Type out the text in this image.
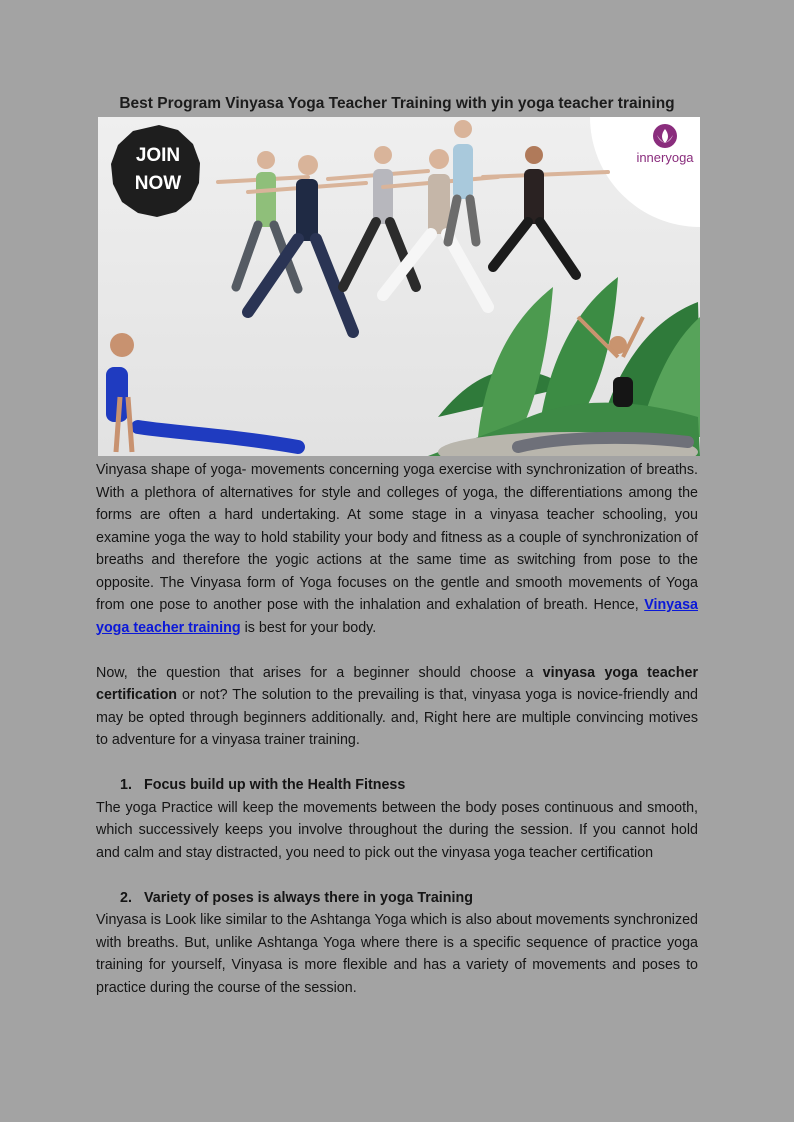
Best Program Vinyasa Yoga Teacher Training with yin yoga teacher training
inneryoga
JOIN
NOW

Vinyasa shape of yoga- movements concerning yoga exercise with synchronization of breaths. With a plethora of alternatives for style and colleges of yoga, the differentiations among the forms are often a hard undertaking. At some stage in a vinyasa teacher schooling, you examine yoga the way to hold stability your body and fitness as a couple of synchronization of breaths and therefore the yogic actions at the same time as switching from pose to the opposite. The Vinyasa form of Yoga focuses on the gentle and smooth movements of Yoga from one pose to another pose with the inhalation and exhalation of breath. Hence, Vinyasa yoga teacher training is best for your body.

Now, the question that arises for a beginner should choose a vinyasa yoga teacher certification or not? The solution to the prevailing is that, vinyasa yoga is novice-friendly and may be opted through beginners additionally. and, Right here are multiple convincing motives to adventure for a vinyasa trainer training.

1. Focus build up with the Health Fitness

The yoga Practice will keep the movements between the body poses continuous and smooth, which successively keeps you involve throughout the during the session. If you cannot hold and calm and stay distracted, you need to pick out the vinyasa yoga teacher certification

2. Variety of poses is always there in yoga Training

Vinyasa is Look like similar to the Ashtanga Yoga which is also about movements synchronized with breaths. But, unlike Ashtanga Yoga where there is a specific sequence of practice yoga training for yourself, Vinyasa is more flexible and has a variety of movements and poses to practice during the course of the session.
